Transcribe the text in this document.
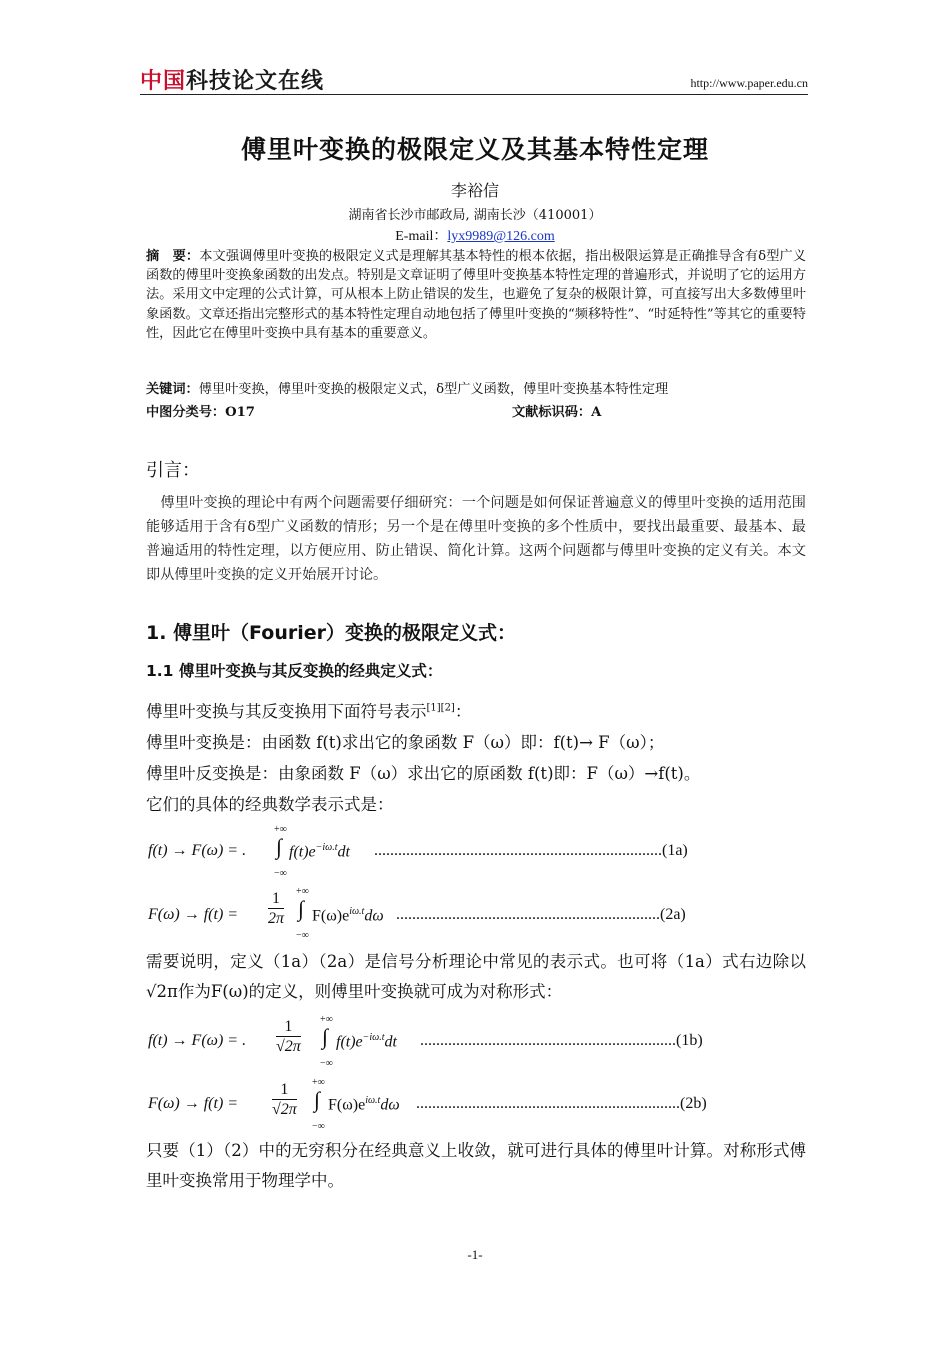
中国科技论文在线	http://www.paper.edu.cn
傅里叶变换的极限定义及其基本特性定理
李裕信
湖南省长沙市邮政局, 湖南长沙（410001）
E-mail：lyx9989@126.com
摘　要：本文强调傅里叶变换的极限定义式是理解其基本特性的根本依据，指出极限运算是正确推导含有δ型广义函数的傅里叶变换象函数的出发点。特别是文章证明了傅里叶变换基本特性定理的普遍形式，并说明了它的运用方法。采用文中定理的公式计算，可从根本上防止错误的发生，也避免了复杂的极限计算，可直接写出大多数傅里叶象函数。文章还指出完整形式的基本特性定理自动地包括了傅里叶变换的“频移特性”、“时延特性”等其它的重要特性，因此它在傅里叶变换中具有基本的重要意义。
关键词：傅里叶变换，傅里叶变换的极限定义式，δ型广义函数，傅里叶变换基本特性定理
中图分类号：O17	文献标识码：A
引言：
　傅里叶变换的理论中有两个问题需要仔细研究：一个问题是如何保证普遍意义的傅里叶变换的适用范围能够适用于含有δ型广义函数的情形；另一个是在傅里叶变换的多个性质中，要找出最重要、最基本、最普遍适用的特性定理，以方便应用、防止错误、简化计算。这两个问题都与傅里叶变换的定义有关。本文即从傅里叶变换的定义开始展开讨论。
1. 傅里叶（Fourier）变换的极限定义式：
1.1 傅里叶变换与其反变换的经典定义式：
傅里叶变换与其反变换用下面符号表示[1][2]：
傅里叶变换是：由函数 f(t)求出它的象函数 F（ω）即：f(t)→ F（ω）；
傅里叶反变换是：由象函数 F（ω）求出它的原函数 f(t)即：F（ω）→f(t)。
它们的具体的经典数学表示式是：
f(t) → F(ω) = .
+∞
∫
−∞
$f(t)e^{-i\omega.t}dt$ ........................................................................(1a)
$F(\omega) \to f(t) = \frac{1}{2\pi}$ +∞
∫
−∞
$F(\omega)e^{i\omega.t}d\omega$ ..................................................................(2a)
需要说明，定义（1a）（2a）是信号分析理论中常见的表示式。也可将（1a）式右边除以√2π作为F(ω)的定义，则傅里叶变换就可成为对称形式：
f(t) → F(ω) = . $\frac{1}{√2\pi}$ +∞
∫
−∞
$f(t)e^{-i\omega.t}dt$ ................................................................(1b)
$F(\omega) \to f(t) = \frac{1}{√2\pi}$ +∞
∫
−∞
$F(\omega)e^{i\omega.t}d\omega$ ..................................................................(2b)
只要（1）（2）中的无穷积分在经典意义上收敛，就可进行具体的傅里叶计算。对称形式傅里叶变换常用于物理学中。
-1-
